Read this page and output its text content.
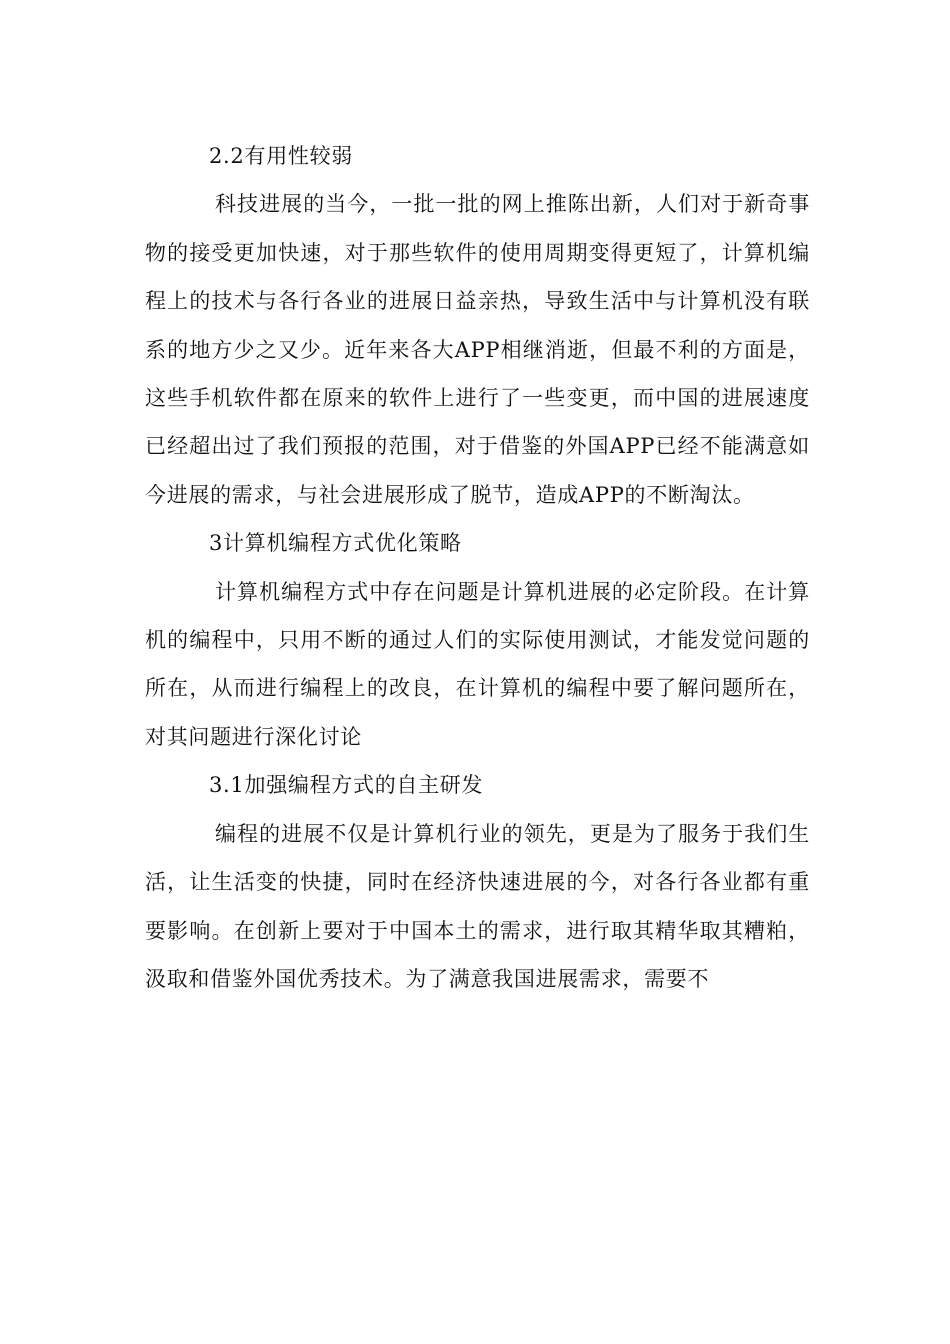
2.2有用性较弱

科技进展的当今，一批一批的网上推陈出新，人们对于新奇事物的接受更加快速，对于那些软件的使用周期变得更短了，计算机编程上的技术与各行各业的进展日益亲热，导致生活中与计算机没有联系的地方少之又少。近年来各大APP相继消逝，但最不利的方面是，这些手机软件都在原来的软件上进行了一些变更，而中国的进展速度已经超出过了我们预报的范围，对于借鉴的外国APP已经不能满意如今进展的需求，与社会进展形成了脱节，造成APP的不断淘汰。

3计算机编程方式优化策略

计算机编程方式中存在问题是计算机进展的必定阶段。在计算机的编程中，只用不断的通过人们的实际使用测试，才能发觉问题的所在，从而进行编程上的改良，在计算机的编程中要了解问题所在，对其问题进行深化讨论

3.1加强编程方式的自主研发

编程的进展不仅是计算机行业的领先，更是为了服务于我们生活，让生活变的快捷，同时在经济快速进展的今，对各行各业都有重要影响。在创新上要对于中国本土的需求，进行取其精华取其糟粕，汲取和借鉴外国优秀技术。为了满意我国进展需求，需要不
